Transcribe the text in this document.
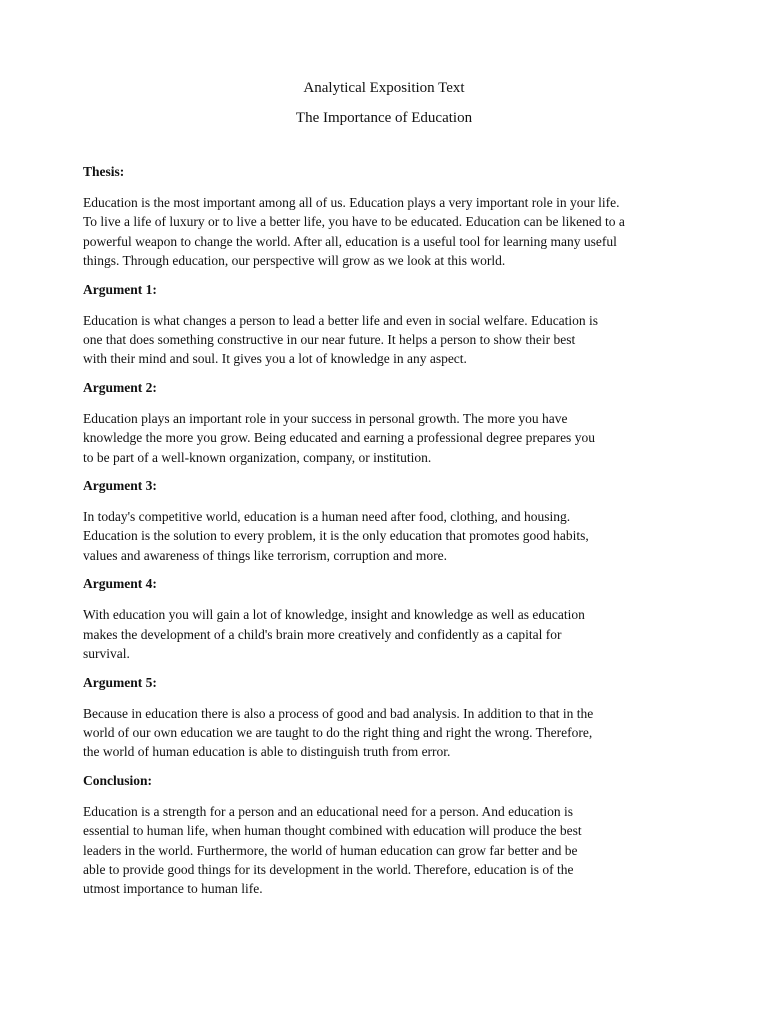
Analytical Exposition Text
The Importance of Education
Thesis:
Education is the most important among all of us. Education plays a very important role in your life.
To live a life of luxury or to live a better life, you have to be educated. Education can be likened to a
powerful weapon to change the world. After all, education is a useful tool for learning many useful
things. Through education, our perspective will grow as we look at this world.
Argument 1:
Education is what changes a person to lead a better life and even in social welfare. Education is
one that does something constructive in our near future. It helps a person to show their best
with their mind and soul. It gives you a lot of knowledge in any aspect.
Argument 2:
Education plays an important role in your success in personal growth. The more you have
knowledge the more you grow. Being educated and earning a professional degree prepares you
to be part of a well-known organization, company, or institution.
Argument 3:
In today's competitive world, education is a human need after food, clothing, and housing.
Education is the solution to every problem, it is the only education that promotes good habits,
values and awareness of things like terrorism, corruption and more.
Argument 4:
With education you will gain a lot of knowledge, insight and knowledge as well as education
makes the development of a child's brain more creatively and confidently as a capital for
survival.
Argument 5:
Because in education there is also a process of good and bad analysis. In addition to that in the
world of our own education we are taught to do the right thing and right the wrong. Therefore,
the world of human education is able to distinguish truth from error.
Conclusion:
Education is a strength for a person and an educational need for a person. And education is
essential to human life, when human thought combined with education will produce the best
leaders in the world. Furthermore, the world of human education can grow far better and be
able to provide good things for its development in the world. Therefore, education is of the
utmost importance to human life.
